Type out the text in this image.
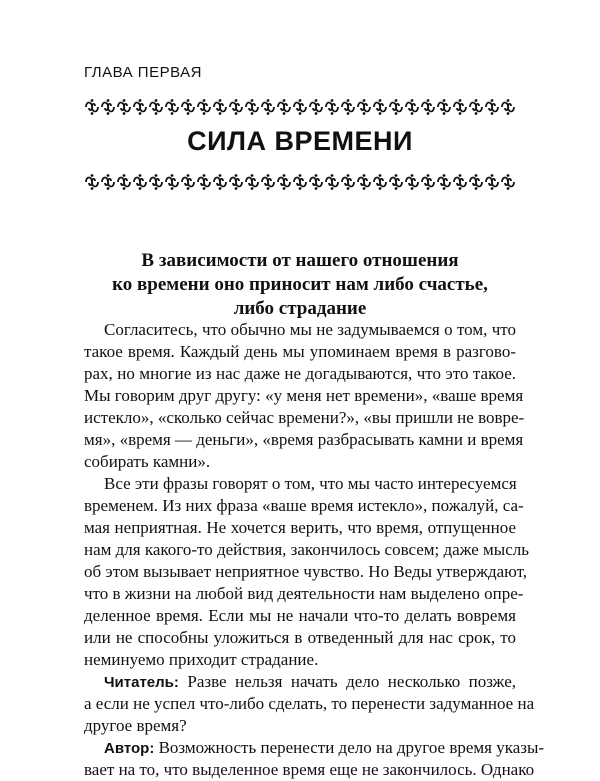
ГЛАВА ПЕРВАЯ
СИЛА ВРЕМЕНИ
В зависимости от нашего отношения
ко времени оно приносит нам либо счастье,
либо страдание
Согласитесь, что обычно мы не задумываемся о том, что
такое время. Каждый день мы упоминаем время в разгово-
рах, но многие из нас даже не догадываются, что это такое.
Мы говорим друг другу: «у меня нет времени», «ваше время
истекло», «сколько сейчас времени?», «вы пришли не вовре-
мя», «время — деньги», «время разбрасывать камни и время
собирать камни».
Все эти фразы говорят о том, что мы часто интересуемся
временем. Из них фраза «ваше время истекло», пожалуй, са-
мая неприятная. Не хочется верить, что время, отпущенное
нам для какого-то действия, закончилось совсем; даже мысль
об этом вызывает неприятное чувство. Но Веды утверждают,
что в жизни на любой вид деятельности нам выделено опре-
деленное время. Если мы не начали что-то делать вовремя
или не способны уложиться в отведенный для нас срок, то
неминуемо приходит страдание.
Читатель: Разве нельзя начать дело несколько позже,
а если не успел что-либо сделать, то перенести задуманное на
другое время?
Автор: Возможность перенести дело на другое время указы-
вает на то, что выделенное время еще не закончилось. Однако
